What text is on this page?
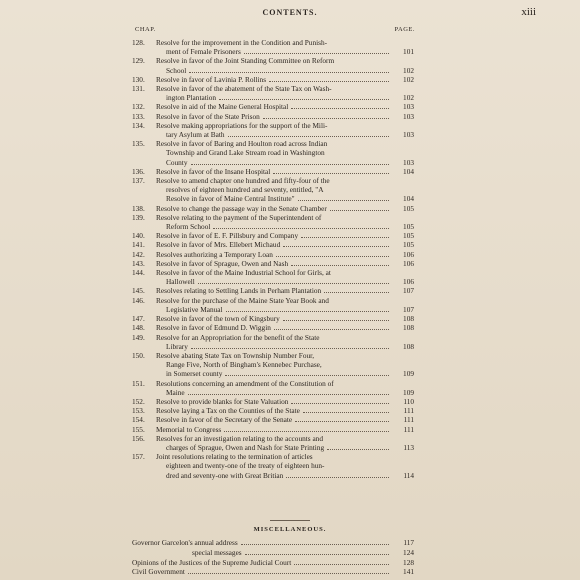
CONTENTS.	xiii
CHAP.	PAGE.
128.	Resolve for the improvement in the Condition and Punish-
ment of Female Prisoners	101
129.	Resolve in favor of the Joint Standing Committee on Reform
School	102
130.	Resolve in favor of Lavinia P. Rollins	102
131.	Resolve in favor of the abatement of the State Tax on Wash-
ington Plantation	102
132.	Resolve in aid of the Maine General Hospital	103
133.	Resolve in favor of the State Prison	103
134.	Resolve making appropriations for the support of the Mili-
tary Asylum at Bath	103
135.	Resolve in favor of Baring and Houlton road across Indian
Township and Grand Lake Stream road in Washington
County	103
136.	Resolve in favor of the Insane Hospital	104
137.	Resolve to amend chapter one hundred and fifty-four of the
resolves of eighteen hundred and seventy, entitled, "A
Resolve in favor of Maine Central Institute"	104
138.	Resolve to change the passage way in the Senate Chamber	105
139.	Resolve relating to the payment of the Superintendent of
Reform School	105
140.	Resolve in favor of E. F. Pillsbury and Company	105
141.	Resolve in favor of Mrs. Ellebert Michaud	105
142.	Resolves authorizing a Temporary Loan	106
143.	Resolve in favor of Sprague, Owen and Nash	106
144.	Resolve in favor of the Maine Industrial School for Girls, at
Hallowell	106
145.	Resolves relating to Settling Lands in Perham Plantation	107
146.	Resolve for the purchase of the Maine State Year Book and
Legislative Manual	107
147.	Resolve in favor of the town of Kingsbury	108
148.	Resolve in favor of Edmund D. Wiggin	108
149.	Resolve for an Appropriation for the benefit of the State
Library	108
150.	Resolve abating State Tax on Township Number Four,
Range Five, North of Bingham's Kennebec Purchase,
in Somerset county	109
151.	Resolutions concerning an amendment of the Constitution of
Maine	109
152.	Resolve to provide blanks for State Valuation	110
153.	Resolve laying a Tax on the Counties of the State	111
154.	Resolve in favor of the Secretary of the Senate	111
155.	Memorial to Congress	111
156.	Resolves for an investigation relating to the accounts and
charges of Sprague, Owen and Nash for State Printing	113
157.	Joint resolutions relating to the termination of articles
eighteen and twenty-one of the treaty of eighteen hun-
dred and seventy-one with Great Britian	114
MISCELLANEOUS.
Governor Garcelon's annual address	117
special messages	124
Opinions of the Justices of the Supreme Judicial Court	128
Civil Government	141
